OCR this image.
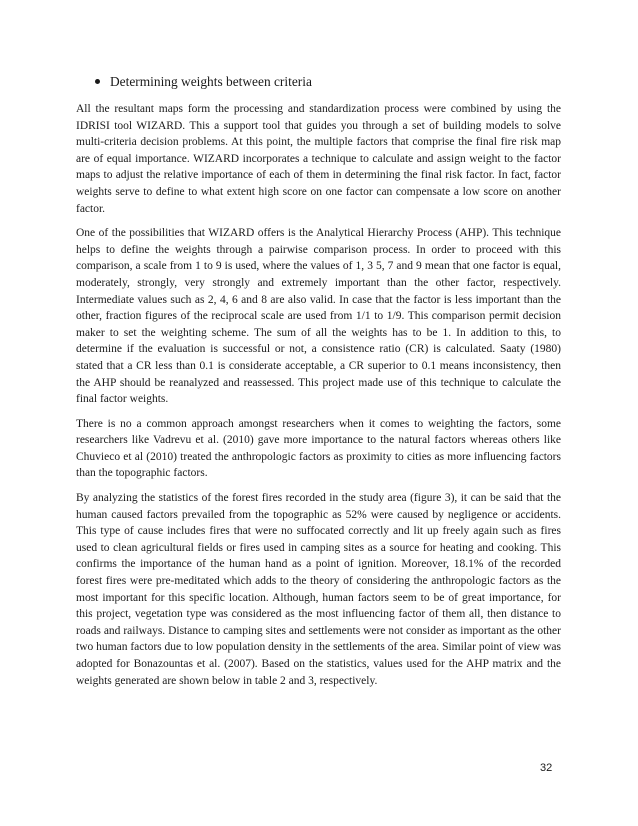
Determining weights between criteria

All the resultant maps form the processing and standardization process were combined by using the IDRISI tool WIZARD. This a support tool that guides you through a set of building models to solve multi-criteria decision problems. At this point, the multiple factors that comprise the final fire risk map are of equal importance. WIZARD incorporates a technique to calculate and assign weight to the factor maps to adjust the relative importance of each of them in determining the final risk factor. In fact, factor weights serve to define to what extent high score on one factor can compensate a low score on another factor.

One of the possibilities that WIZARD offers is the Analytical Hierarchy Process (AHP). This technique helps to define the weights through a pairwise comparison process. In order to proceed with this comparison, a scale from 1 to 9 is used, where the values of 1, 3 5, 7 and 9 mean that one factor is equal, moderately, strongly, very strongly and extremely important than the other factor, respectively. Intermediate values such as 2, 4, 6 and 8 are also valid. In case that the factor is less important than the other, fraction figures of the reciprocal scale are used from 1/1 to 1/9. This comparison permit decision maker to set the weighting scheme. The sum of all the weights has to be 1. In addition to this, to determine if the evaluation is successful or not, a consistence ratio (CR) is calculated. Saaty (1980) stated that a CR less than 0.1 is considerate acceptable, a CR superior to 0.1 means inconsistency, then the AHP should be reanalyzed and reassessed. This project made use of this technique to calculate the final factor weights.

There is no a common approach amongst researchers when it comes to weighting the factors, some researchers like Vadrevu et al. (2010) gave more importance to the natural factors whereas others like Chuvieco et al (2010) treated the anthropologic factors as proximity to cities as more influencing factors than the topographic factors.

By analyzing the statistics of the forest fires recorded in the study area (figure 3), it can be said that the human caused factors prevailed from the topographic as 52% were caused by negligence or accidents. This type of cause includes fires that were no suffocated correctly and lit up freely again such as fires used to clean agricultural fields or fires used in camping sites as a source for heating and cooking. This confirms the importance of the human hand as a point of ignition. Moreover, 18.1% of the recorded forest fires were pre-meditated which adds to the theory of considering the anthropologic factors as the most important for this specific location. Although, human factors seem to be of great importance, for this project, vegetation type was considered as the most influencing factor of them all, then distance to roads and railways. Distance to camping sites and settlements were not consider as important as the other two human factors due to low population density in the settlements of the area. Similar point of view was adopted for Bonazountas et al. (2007). Based on the statistics, values used for the AHP matrix and the weights generated are shown below in table 2 and 3, respectively.

32
